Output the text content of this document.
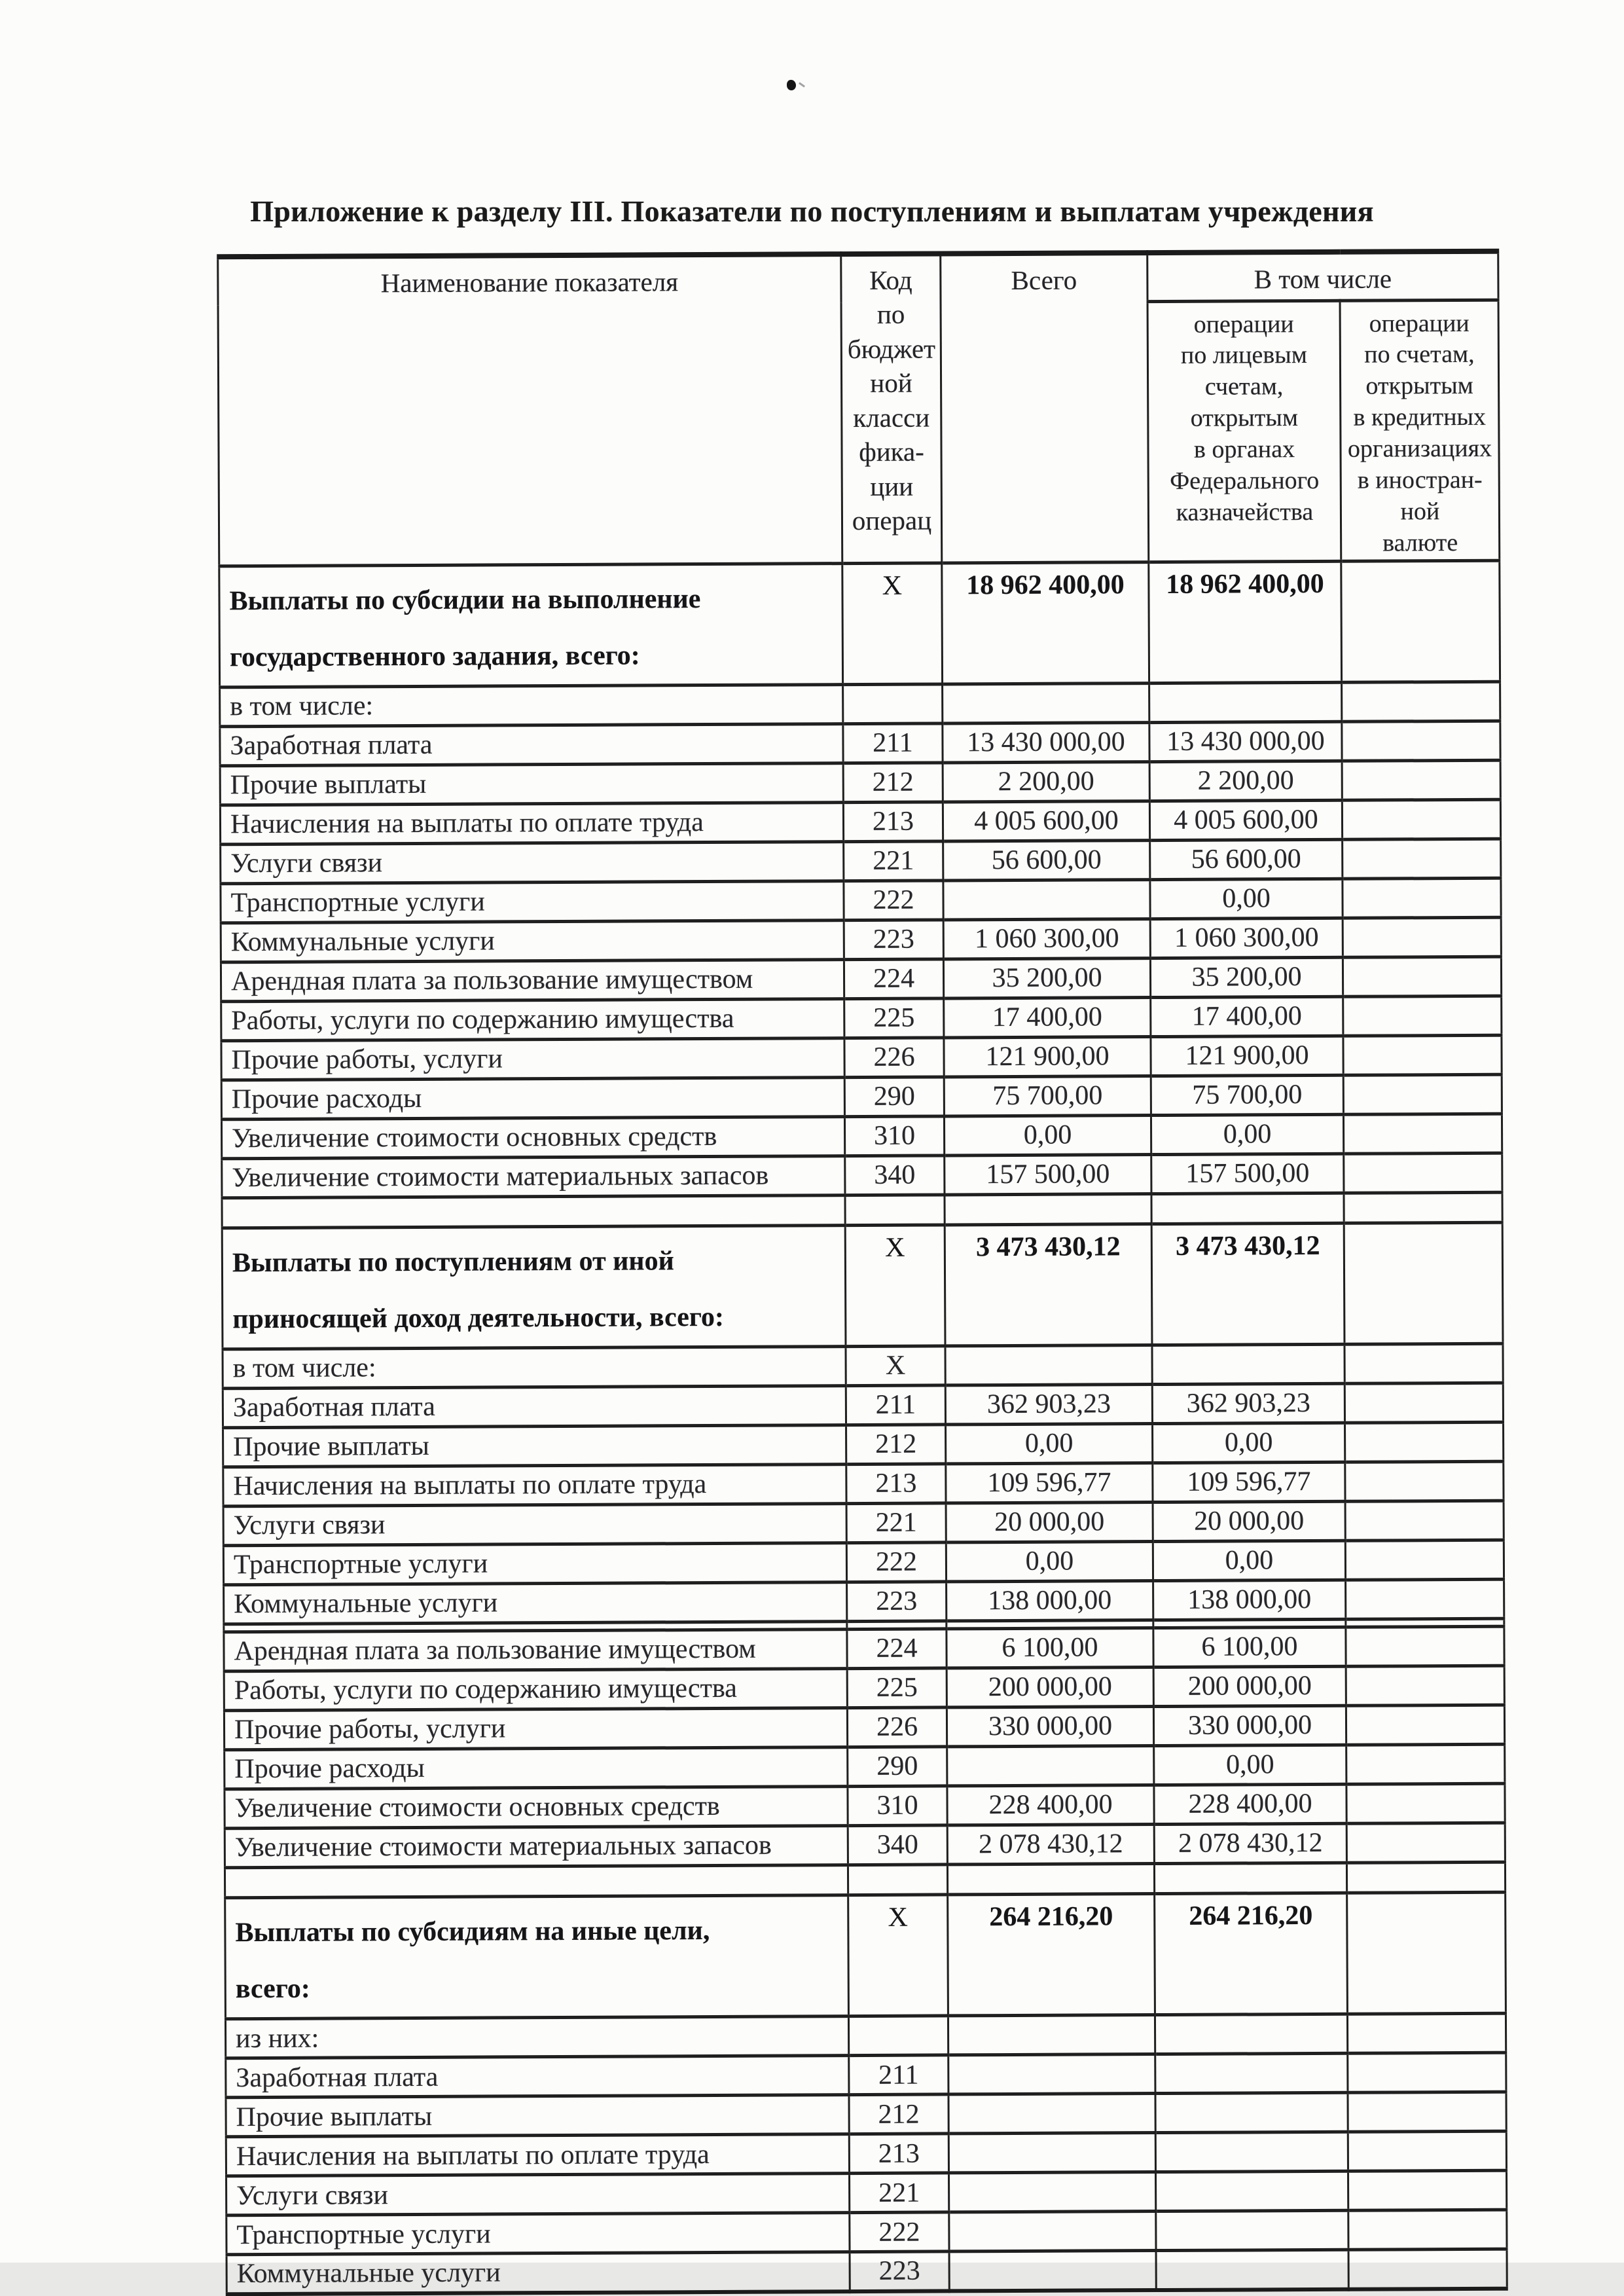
Приложение к разделу III. Показатели по поступлениям и выплатам учреждения
Наименование показателя	Код
по
бюджет
ной
класси
фика-
ции
операц	Всего	В том числе
операции
по лицевым
счетам,
открытым
в органах
Федерального
казначейства	операции
по счетам,
открытым
в кредитных
организациях
в иностран-ной
валюте
Выплаты по субсидии на выполнение
государственного задания, всего:	X	18 962 400,00	18 962 400,00	
в том числе:				
Заработная плата	211	13 430 000,00	13 430 000,00	
Прочие выплаты	212	2 200,00	2 200,00	
Начисления на выплаты по оплате труда	213	4 005 600,00	4 005 600,00	
Услуги связи	221	56 600,00	56 600,00	
Транспортные услуги	222		0,00	
Коммунальные услуги	223	1 060 300,00	1 060 300,00	
Арендная плата за пользование имуществом	224	35 200,00	35 200,00	
Работы, услуги по содержанию имущества	225	17 400,00	17 400,00	
Прочие работы, услуги	226	121 900,00	121 900,00	
Прочие расходы	290	75 700,00	75 700,00	
Увеличение стоимости основных средств	310	0,00	0,00	
Увеличение стоимости материальных запасов	340	157 500,00	157 500,00	

Выплаты по поступлениям от иной
приносящей доход деятельности, всего:	X	3 473 430,12	3 473 430,12	
в том числе:	X			
Заработная плата	211	362 903,23	362 903,23	
Прочие выплаты	212	0,00	0,00	
Начисления на выплаты по оплате труда	213	109 596,77	109 596,77	
Услуги связи	221	20 000,00	20 000,00	
Транспортные услуги	222	0,00	0,00	
Коммунальные услуги	223	138 000,00	138 000,00	

Арендная плата за пользование имуществом	224	6 100,00	6 100,00	
Работы, услуги по содержанию имущества	225	200 000,00	200 000,00	
Прочие работы, услуги	226	330 000,00	330 000,00	
Прочие расходы	290		0,00	
Увеличение стоимости основных средств	310	228 400,00	228 400,00	
Увеличение стоимости материальных запасов	340	2 078 430,12	2 078 430,12	

Выплаты по субсидиям на иные цели,
всего:	X	264 216,20	264 216,20	
из них:				
Заработная плата	211			
Прочие выплаты	212			
Начисления на выплаты по оплате труда	213			
Услуги связи	221			
Транспортные услуги	222			
Коммунальные услуги	223			
